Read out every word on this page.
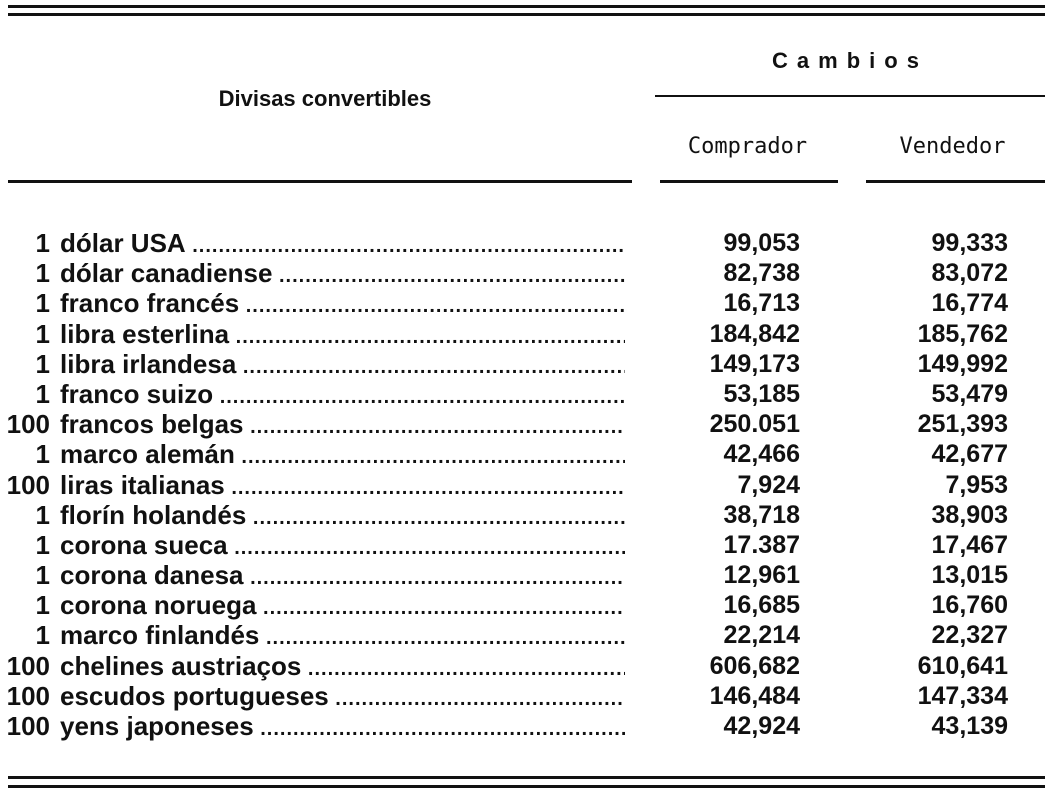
Divisas convertibles
Cambios
Comprador	Vendedor
1 dólar USA .....	99,053	99,333
1 dólar canadiense .....	82,738	83,072
1 franco francés .....	16,713	16,774
1 libra esterlina .....	184,842	185,762
1 libra irlandesa .....	149,173	149,992
1 franco suizo .....	53,185	53,479
100 francos belgas .....	250.051	251,393
1 marco alemán .....	42,466	42,677
100 liras italianas .....	7,924	7,953
1 florín holandés .....	38,718	38,903
1 corona sueca .....	17.387	17,467
1 corona danesa .....	12,961	13,015
1 corona noruega .....	16,685	16,760
1 marco finlandés .....	22,214	22,327
100 chelines austriaços .....	606,682	610,641
100 escudos portugueses .....	146,484	147,334
100 yens japoneses .....	42,924	43,139
